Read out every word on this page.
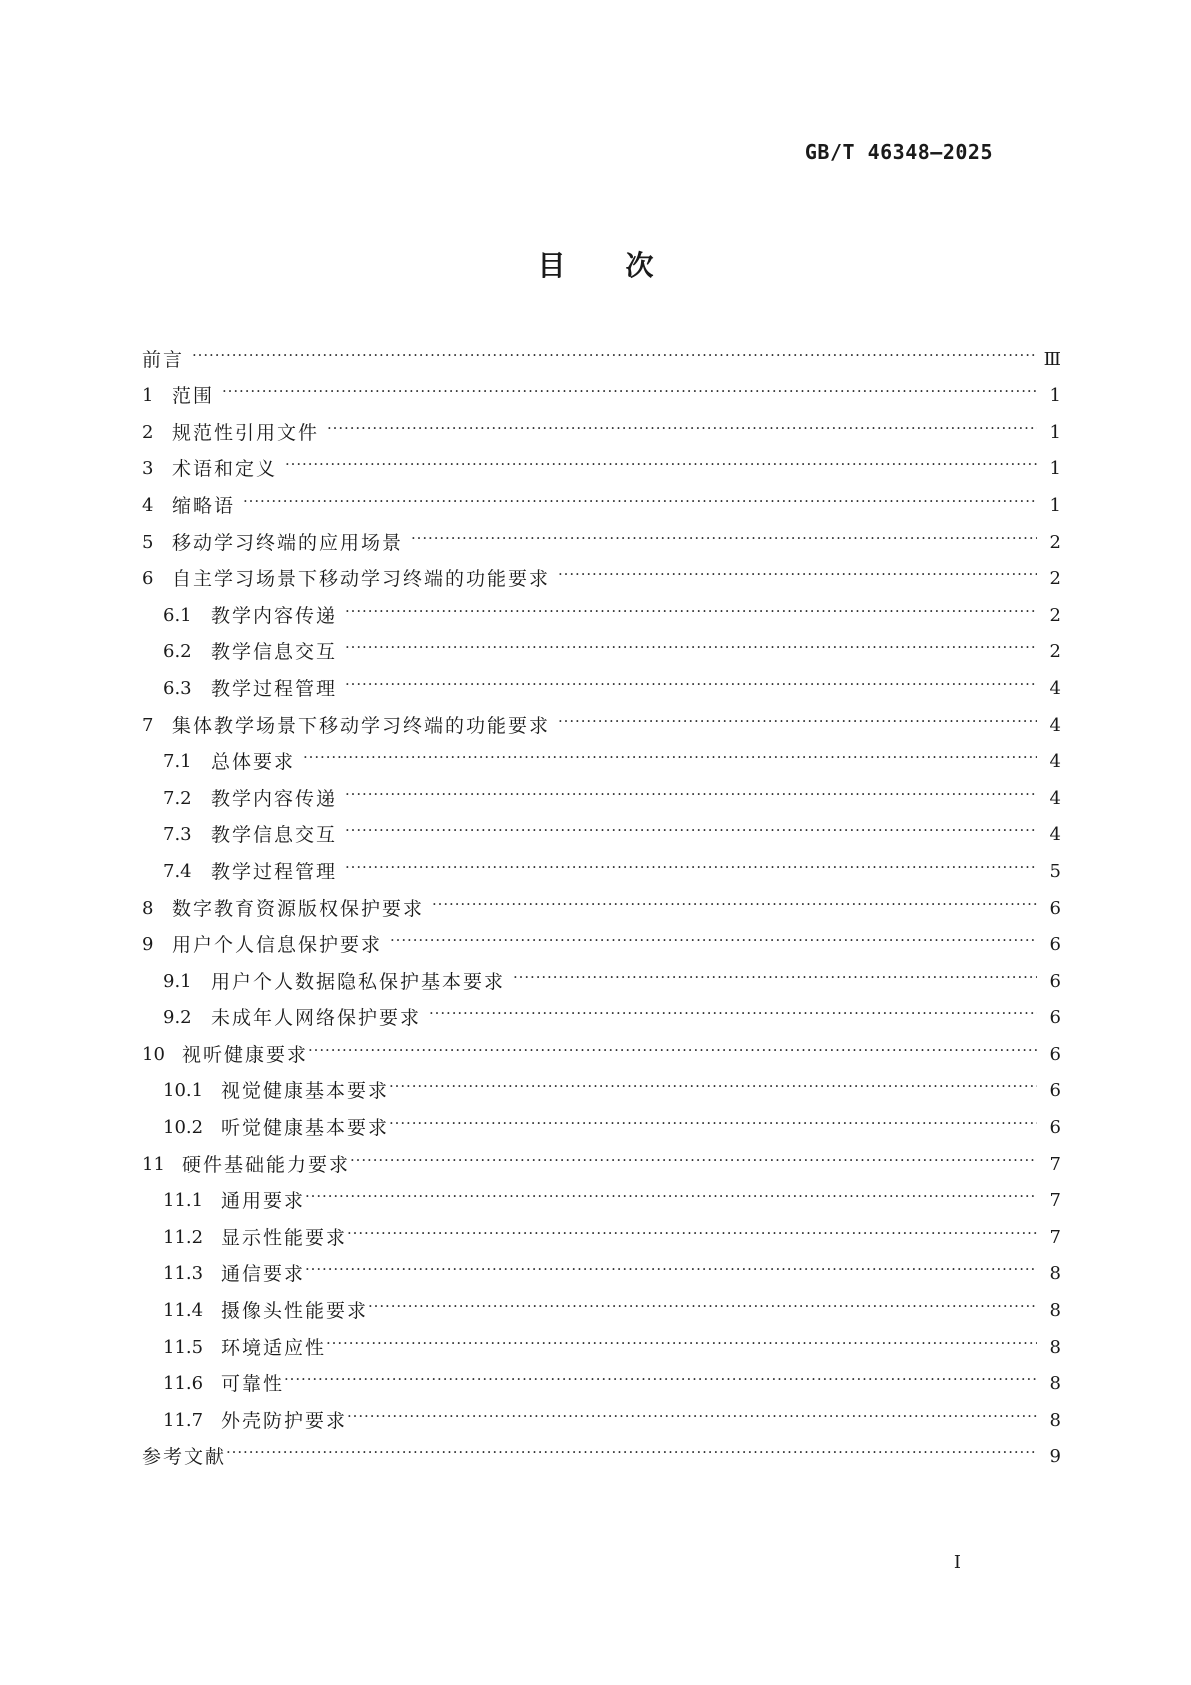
GB/T 46348—2025
目次
前言 ·····	Ⅲ
1 范围 ·····	1
2 规范性引用文件 ·····	1
3 术语和定义 ·····	1
4 缩略语 ·····	1
5 移动学习终端的应用场景 ·····	2
6 自主学习场景下移动学习终端的功能要求 ·····	2
6.1	教学内容传递 ·····	2
6.2	教学信息交互 ·····	2
6.3	教学过程管理 ·····	4
7 集体教学场景下移动学习终端的功能要求 ·····	4
7.1	总体要求 ·····	4
7.2	教学内容传递 ·····	4
7.3	教学信息交互 ·····	4
7.4	教学过程管理 ·····	5
8 数字教育资源版权保护要求 ·····	6
9 用户个人信息保护要求 ·····	6
9.1	用户个人数据隐私保护基本要求 ·····	6
9.2	未成年人网络保护要求 ·····	6
10 视听健康要求 ·····	6
10.1 视觉健康基本要求 ·····	6
10.2 听觉健康基本要求 ·····	6
11 硬件基础能力要求 ·····	7
11.1 通用要求 ·····	7
11.2 显示性能要求 ·····	7
11.3 通信要求 ·····	8
11.4 摄像头性能要求 ·····	8
11.5 环境适应性 ·····	8
11.6 可靠性 ·····	8
11.7 外壳防护要求 ·····	8
参考文献 ·····	9
Ⅰ
